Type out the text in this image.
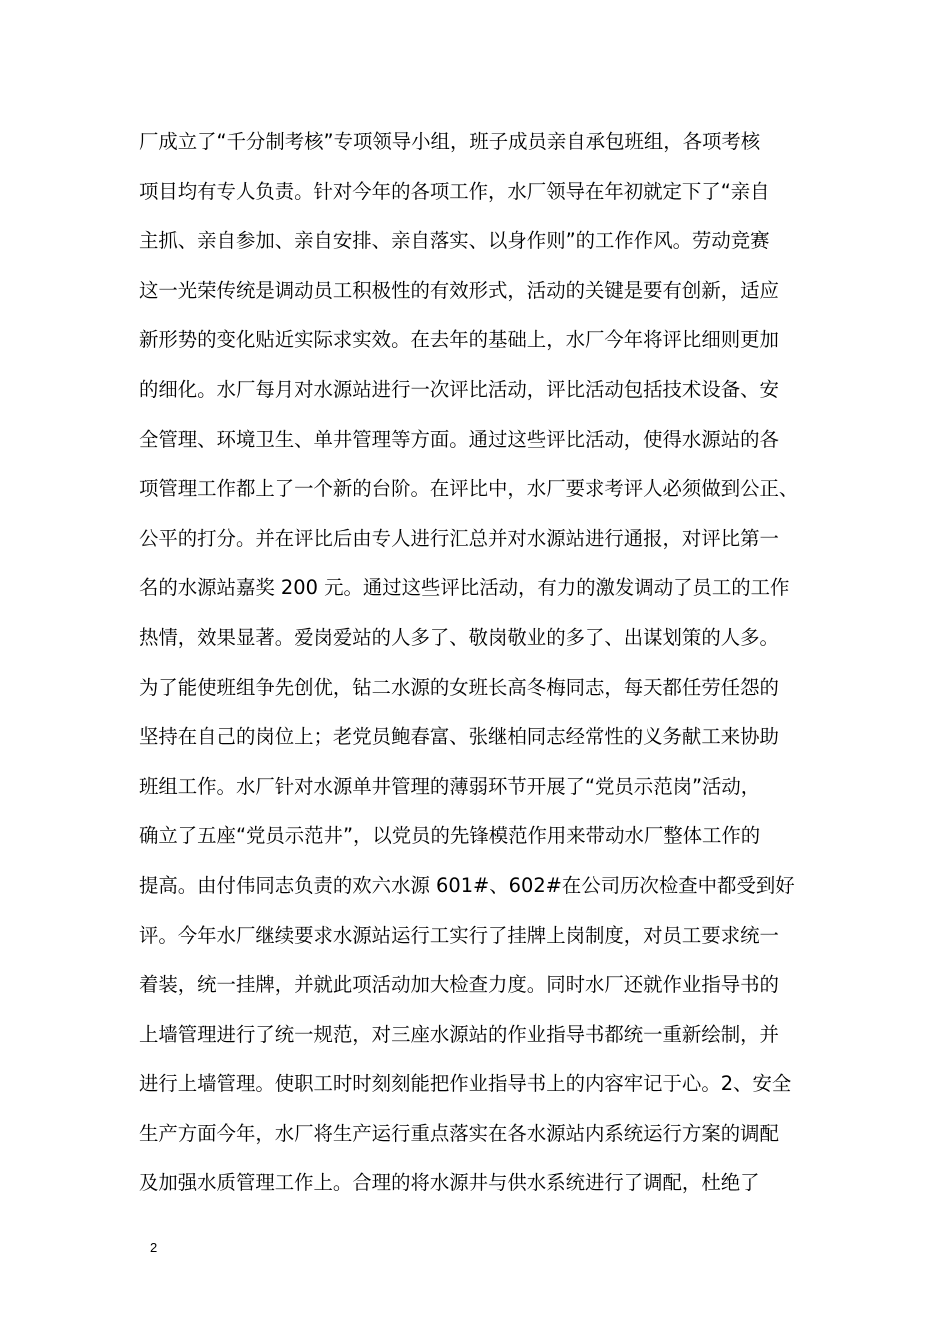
厂成立了“千分制考核”专项领导小组，班子成员亲自承包班组，各项考核
项目均有专人负责。针对今年的各项工作，水厂领导在年初就定下了“亲自
主抓、亲自参加、亲自安排、亲自落实、以身作则”的工作作风。劳动竞赛
这一光荣传统是调动员工积极性的有效形式，活动的关键是要有创新，适应
新形势的变化贴近实际求实效。在去年的基础上，水厂今年将评比细则更加
的细化。水厂每月对水源站进行一次评比活动，评比活动包括技术设备、安
全管理、环境卫生、单井管理等方面。通过这些评比活动，使得水源站的各
项管理工作都上了一个新的台阶。在评比中，水厂要求考评人必须做到公正、
公平的打分。并在评比后由专人进行汇总并对水源站进行通报，对评比第一
名的水源站嘉奖 200 元。通过这些评比活动，有力的激发调动了员工的工作
热情，效果显著。爱岗爱站的人多了、敬岗敬业的多了、出谋划策的人多。
为了能使班组争先创优，钻二水源的女班长高冬梅同志，每天都任劳任怨的
坚持在自己的岗位上；老党员鲍春富、张继柏同志经常性的义务献工来协助
班组工作。水厂针对水源单井管理的薄弱环节开展了“党员示范岗”活动，
确立了五座“党员示范井”，以党员的先锋模范作用来带动水厂整体工作的
提高。由付伟同志负责的欢六水源 601#、602#在公司历次检查中都受到好
评。今年水厂继续要求水源站运行工实行了挂牌上岗制度，对员工要求统一
着装，统一挂牌，并就此项活动加大检查力度。同时水厂还就作业指导书的
上墙管理进行了统一规范，对三座水源站的作业指导书都统一重新绘制，并
进行上墙管理。使职工时时刻刻能把作业指导书上的内容牢记于心。2、安全
生产方面今年，水厂将生产运行重点落实在各水源站内系统运行方案的调配
及加强水质管理工作上。合理的将水源井与供水系统进行了调配，杜绝了
2
